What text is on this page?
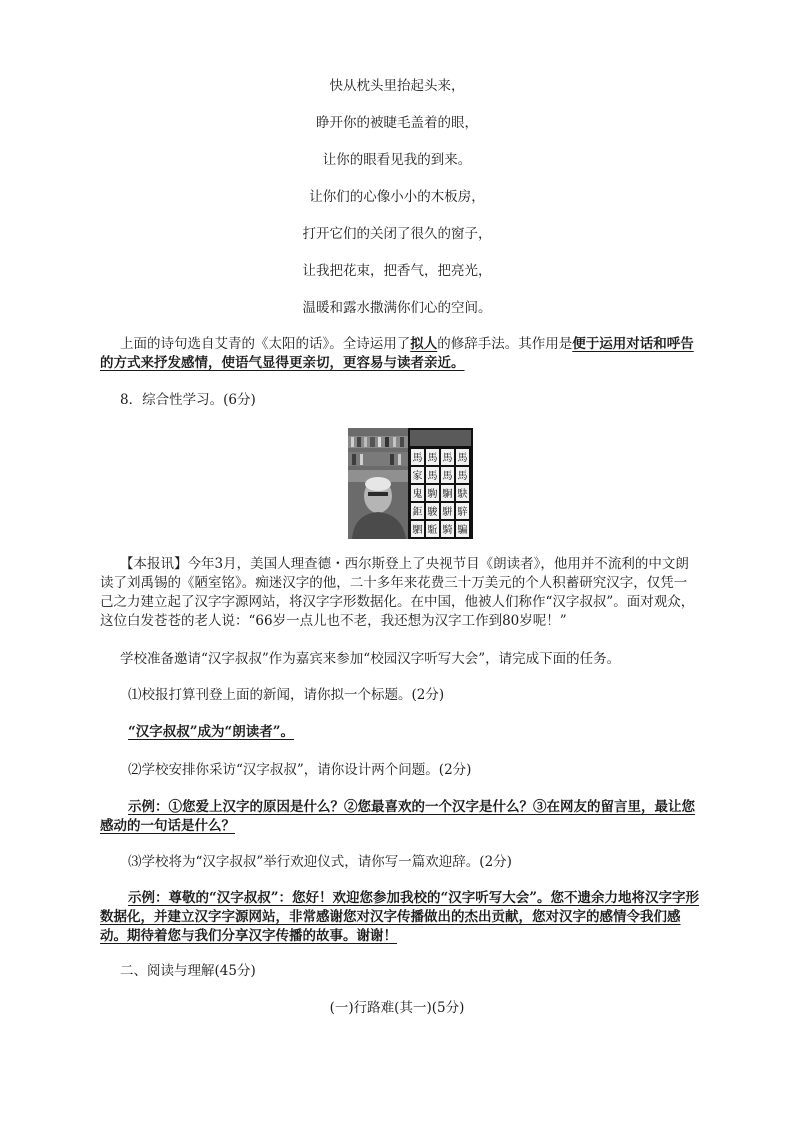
快从枕头里抬起头来，
睁开你的被睫毛盖着的眼，
让你的眼看见我的到来。
让你们的心像小小的木板房，
打开它们的关闭了很久的窗子，
让我把花束，把香气，把亮光，
温暖和露水撒满你们心的空间。
上面的诗句选自艾青的《太阳的话》。全诗运用了拟人的修辞手法。其作用是便于运用对话和呼告的方式来抒发感情，使语气显得更亲切，更容易与读者亲近。
8．综合性学习。(6分)
馬 馬 馬 馬
家 馬 馬 馬
鬼 駒 駉 駃
鉅 駿 駢 騂
駟 駈 騎 騙
【本报讯】今年3月，美国人理查德・西尔斯登上了央视节目《朗读者》，他用并不流利的中文朗读了刘禹锡的《陋室铭》。痴迷汉字的他，二十多年来花费三十万美元的个人积蓄研究汉字，仅凭一己之力建立起了汉字字源网站，将汉字字形数据化。在中国，他被人们称作“汉字叔叔”。面对观众，这位白发苍苍的老人说：“66岁一点儿也不老，我还想为汉字工作到80岁呢！”
学校准备邀请“汉字叔叔”作为嘉宾来参加“校园汉字听写大会”，请完成下面的任务。
⑴校报打算刊登上面的新闻，请你拟一个标题。(2分)
“汉字叔叔”成为“朗读者”。
⑵学校安排你采访“汉字叔叔”，请你设计两个问题。(2分)
示例：①您爱上汉字的原因是什么？②您最喜欢的一个汉字是什么？③在网友的留言里，最让您感动的一句话是什么？
⑶学校将为“汉字叔叔”举行欢迎仪式，请你写一篇欢迎辞。(2分)
示例：尊敬的“汉字叔叔”：您好！欢迎您参加我校的“汉字听写大会”。您不遗余力地将汉字字形数据化，并建立汉字字源网站，非常感谢您对汉字传播做出的杰出贡献，您对汉字的感情令我们感动。期待着您与我们分享汉字传播的故事。谢谢！
二、阅读与理解(45分)
(一)行路难(其一)(5分)
